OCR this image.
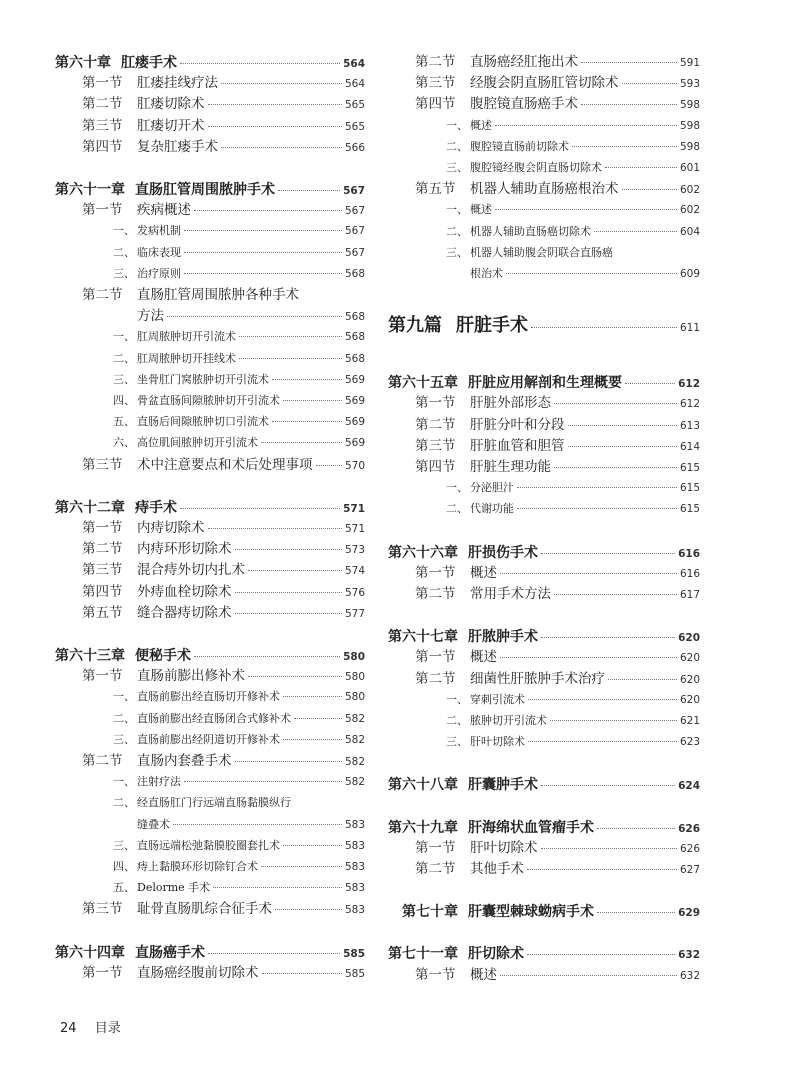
第六十章 肛瘘手术	564
第一节	肛瘘挂线疗法	564
第二节	肛瘘切除术	565
第三节	肛瘘切开术	565
第四节	复杂肛瘘手术	566
第六十一章 直肠肛管周围脓肿手术	567
第一节	疾病概述	567
一、 发病机制	567
二、 临床表现	567
三、 治疗原则	568
第二节	直肠肛管周围脓肿各种手术
方法	568
一、 肛周脓肿切开引流术	568
二、 肛周脓肿切开挂线术	568
三、 坐骨肛门窝脓肿切开引流术	569
四、 骨盆直肠间隙脓肿切开引流术	569
五、 直肠后间隙脓肿切口引流术	569
六、 高位肌间脓肿切开引流术	569
第三节	术中注意要点和术后处理事项	570
第六十二章 痔手术	571
第一节	内痔切除术	571
第二节	内痔环形切除术	573
第三节	混合痔外切内扎术	574
第四节	外痔血栓切除术	576
第五节	缝合器痔切除术	577
第六十三章 便秘手术	580
第一节	直肠前膨出修补术	580
一、 直肠前膨出经直肠切开修补术	580
二、 直肠前膨出经直肠闭合式修补术	582
三、 直肠前膨出经阴道切开修补术	582
第二节	直肠内套叠手术	582
一、 注射疗法	582
二、 经直肠肛门行远端直肠黏膜纵行
缝叠术	583
三、 直肠远端松弛黏膜胶圈套扎术	583
四、 痔上黏膜环形切除钉合术	583
五、 Delorme 手术	583
第三节	耻骨直肠肌综合征手术	583
第六十四章 直肠癌手术	585
第一节	直肠癌经腹前切除术	585
第二节	直肠癌经肛拖出术	591
第三节	经腹会阴直肠肛管切除术	593
第四节	腹腔镜直肠癌手术	598
一、 概述	598
二、 腹腔镜直肠前切除术	598
三、 腹腔镜经腹会阴直肠切除术	601
第五节	机器人辅助直肠癌根治术	602
一、 概述	602
二、 机器人辅助直肠癌切除术	604
三、 机器人辅助腹会阴联合直肠癌
根治术	609
第九篇 肝脏手术	611
第六十五章 肝脏应用解剖和生理概要	612
第一节	肝脏外部形态	612
第二节	肝脏分叶和分段	613
第三节	肝脏血管和胆管	614
第四节	肝脏生理功能	615
一、 分泌胆汁	615
二、 代谢功能	615
第六十六章 肝损伤手术	616
第一节	概述	616
第二节	常用手术方法	617
第六十七章 肝脓肿手术	620
第一节	概述	620
第二节	细菌性肝脓肿手术治疗	620
一、 穿刺引流术	620
二、 脓肿切开引流术	621
三、 肝叶切除术	623
第六十八章 肝囊肿手术	624
第六十九章 肝海绵状血管瘤手术	626
第一节	肝叶切除术	626
第二节	其他手术	627
第七十章 肝囊型棘球蚴病手术	629
第七十一章 肝切除术	632
第一节	概述	632
24 目录
